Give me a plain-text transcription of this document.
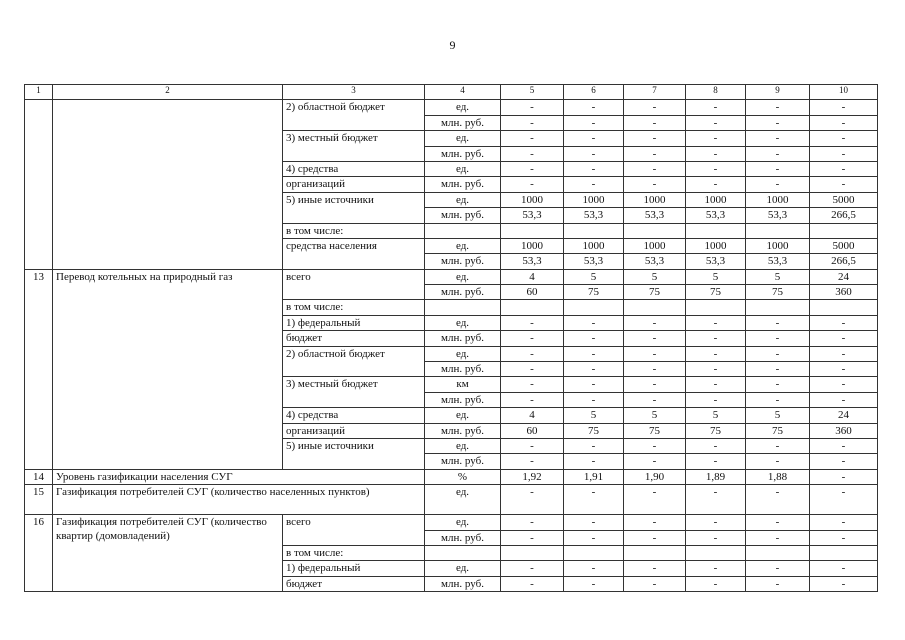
9
1	2	3	4	5	6	7	8	9	10
		2) областной бюджет	ед.	-	-	-	-	-	-
			млн. руб.	-	-	-	-	-	-
		3) местный бюджет	ед.	-	-	-	-	-	-
			млн. руб.	-	-	-	-	-	-
		4) средства	ед.	-	-	-	-	-	-
		организаций	млн. руб.	-	-	-	-	-	-
		5) иные источники	ед.	1000	1000	1000	1000	1000	5000
			млн. руб.	53,3	53,3	53,3	53,3	53,3	266,5
		в том числе:							
		средства населения	ед.	1000	1000	1000	1000	1000	5000
			млн. руб.	53,3	53,3	53,3	53,3	53,3	266,5
13	Перевод котельных на природный газ	всего	ед.	4	5	5	5	5	24
			млн. руб.	60	75	75	75	75	360
		в том числе:							
		1) федеральный	ед.	-	-	-	-	-	-
		бюджет	млн. руб.	-	-	-	-	-	-
		2) областной бюджет	ед.	-	-	-	-	-	-
			млн. руб.	-	-	-	-	-	-
		3) местный бюджет	км	-	-	-	-	-	-
			млн. руб.	-	-	-	-	-	-
		4) средства	ед.	4	5	5	5	5	24
		организаций	млн. руб.	60	75	75	75	75	360
		5) иные источники	ед.	-	-	-	-	-	-
			млн. руб.	-	-	-	-	-	-
14	Уровень газификации населения СУГ		%	1,92	1,91	1,90	1,89	1,88	-
15	Газификация потребителей СУГ (количество населенных пунктов)		ед.	-	-	-	-	-	-
16	Газификация потребителей СУГ (количество квартир (домовладений)	всего	ед.	-	-	-	-	-	-
			млн. руб.	-	-	-	-	-	-
		в том числе:							
		1) федеральный	ед.	-	-	-	-	-	-
		бюджет	млн. руб.	-	-	-	-	-	-
